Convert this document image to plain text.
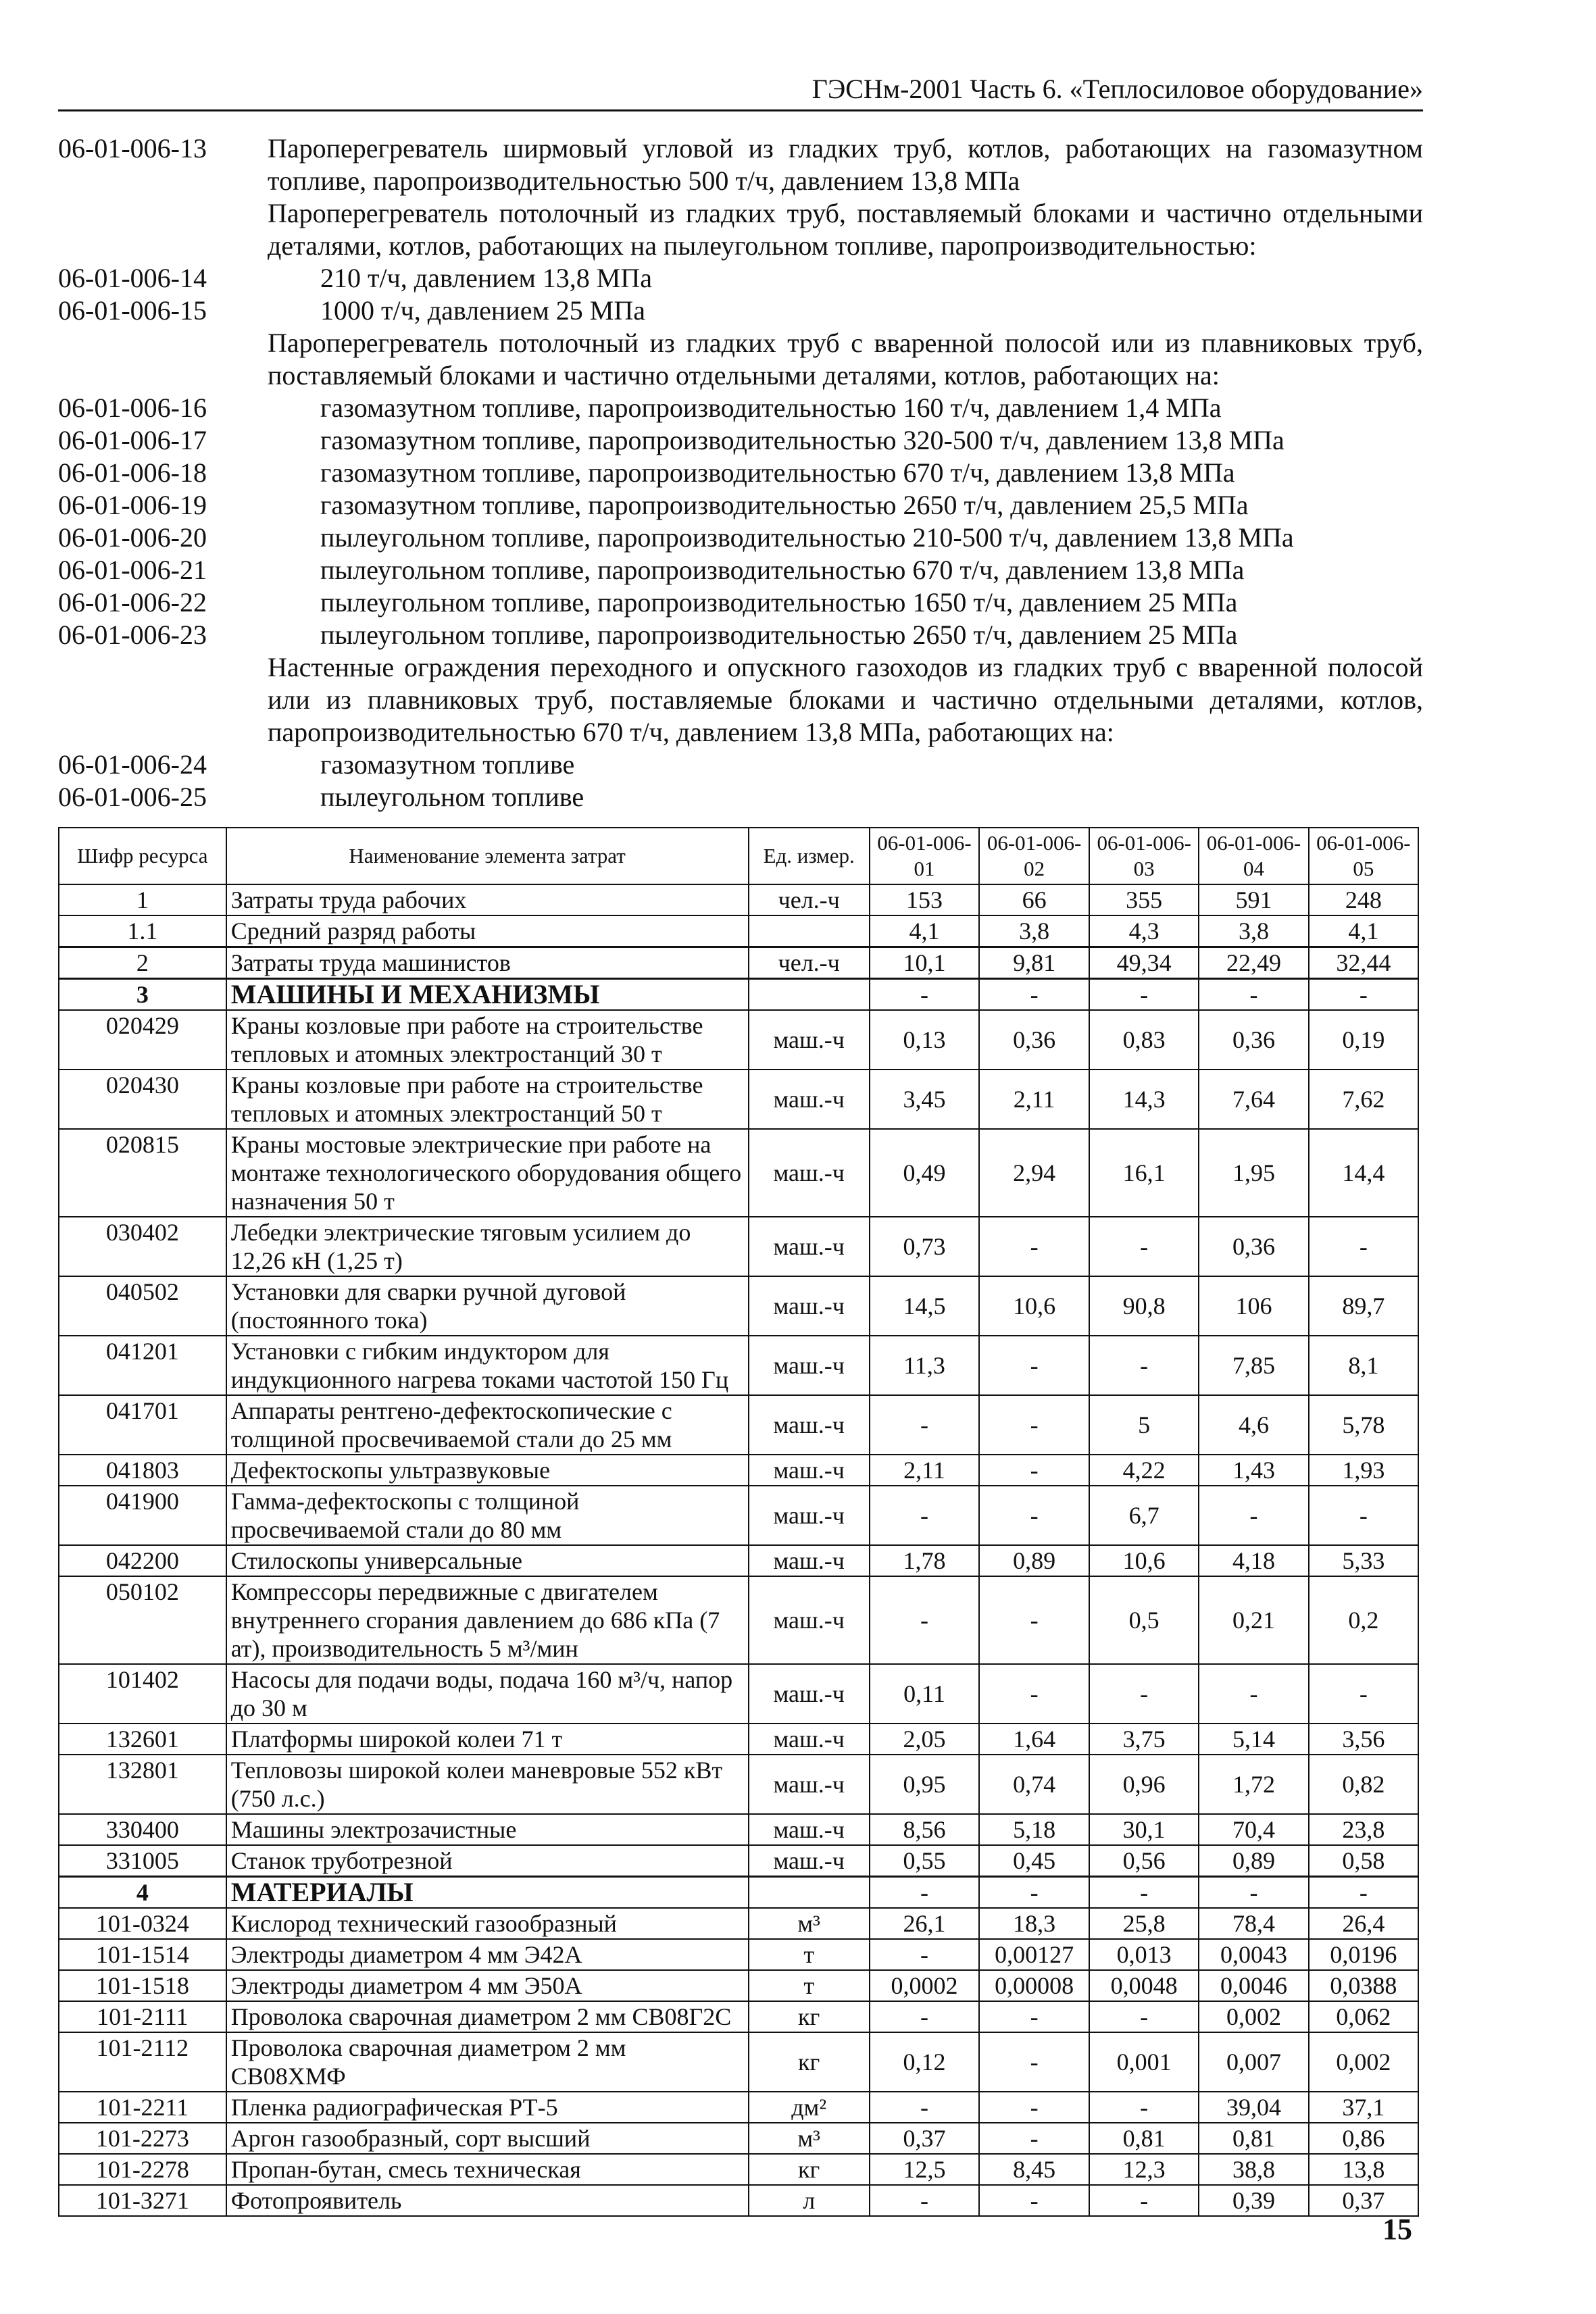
ГЭСНм-2001 Часть 6. «Теплосиловое оборудование»
06-01-006-13	Пароперегреватель ширмовый угловой из гладких труб, котлов, работающих на газомазутном топливе, паропроизводительностью 500 т/ч, давлением 13,8 МПа
Пароперегреватель потолочный из гладких труб, поставляемый блоками и частично отдельными деталями, котлов, работающих на пылеугольном топливе, паропроизводительностью:
06-01-006-14	210 т/ч, давлением 13,8 МПа
06-01-006-15	1000 т/ч, давлением 25 МПа
Пароперегреватель потолочный из гладких труб с вваренной полосой или из плавниковых труб, поставляемый блоками и частично отдельными деталями, котлов, работающих на:
06-01-006-16	газомазутном топливе, паропроизводительностью 160 т/ч, давлением 1,4 МПа
06-01-006-17	газомазутном топливе, паропроизводительностью 320-500 т/ч, давлением 13,8 МПа
06-01-006-18	газомазутном топливе, паропроизводительностью 670 т/ч, давлением 13,8 МПа
06-01-006-19	газомазутном топливе, паропроизводительностью 2650 т/ч, давлением 25,5 МПа
06-01-006-20	пылеугольном топливе, паропроизводительностью 210-500 т/ч, давлением 13,8 МПа
06-01-006-21	пылеугольном топливе, паропроизводительностью 670 т/ч, давлением 13,8 МПа
06-01-006-22	пылеугольном топливе, паропроизводительностью 1650 т/ч, давлением 25 МПа
06-01-006-23	пылеугольном топливе, паропроизводительностью 2650 т/ч, давлением 25 МПа
Настенные ограждения переходного и опускного газоходов из гладких труб с вваренной полосой или из плавниковых труб, поставляемые блоками и частично отдельными деталями, котлов, паропроизводительностью 670 т/ч, давлением 13,8 МПа, работающих на:
06-01-006-24	газомазутном топливе
06-01-006-25	пылеугольном топливе
Шифр ресурса	Наименование элемента затрат	Ед. измер.	06-01-006-01	06-01-006-02	06-01-006-03	06-01-006-04	06-01-006-05
1	Затраты труда рабочих	чел.-ч	153	66	355	591	248
1.1	Средний разряд работы		4,1	3,8	4,3	3,8	4,1
2	Затраты труда машинистов	чел.-ч	10,1	9,81	49,34	22,49	32,44
3	МАШИНЫ И МЕХАНИЗМЫ		-	-	-	-	-
020429	Краны козловые при работе на строительстве тепловых и атомных электростанций 30 т	маш.-ч	0,13	0,36	0,83	0,36	0,19
020430	Краны козловые при работе на строительстве тепловых и атомных электростанций 50 т	маш.-ч	3,45	2,11	14,3	7,64	7,62
020815	Краны мостовые электрические при работе на монтаже технологического оборудования общего назначения 50 т	маш.-ч	0,49	2,94	16,1	1,95	14,4
030402	Лебедки электрические тяговым усилием до 12,26 кН (1,25 т)	маш.-ч	0,73	-	-	0,36	-
040502	Установки для сварки ручной дуговой (постоянного тока)	маш.-ч	14,5	10,6	90,8	106	89,7
041201	Установки с гибким индуктором для индукционного нагрева токами частотой 150 Гц	маш.-ч	11,3	-	-	7,85	8,1
041701	Аппараты рентгено-дефектоскопические с толщиной просвечиваемой стали до 25 мм	маш.-ч	-	-	5	4,6	5,78
041803	Дефектоскопы ультразвуковые	маш.-ч	2,11	-	4,22	1,43	1,93
041900	Гамма-дефектоскопы с толщиной просвечиваемой стали до 80 мм	маш.-ч	-	-	6,7	-	-
042200	Стилоскопы универсальные	маш.-ч	1,78	0,89	10,6	4,18	5,33
050102	Компрессоры передвижные с двигателем внутреннего сгорания давлением до 686 кПа (7 ат), производительность 5 м³/мин	маш.-ч	-	-	0,5	0,21	0,2
101402	Насосы для подачи воды, подача 160 м³/ч, напор до 30 м	маш.-ч	0,11	-	-	-	-
132601	Платформы широкой колеи 71 т	маш.-ч	2,05	1,64	3,75	5,14	3,56
132801	Тепловозы широкой колеи маневровые 552 кВт (750 л.с.)	маш.-ч	0,95	0,74	0,96	1,72	0,82
330400	Машины электрозачистные	маш.-ч	8,56	5,18	30,1	70,4	23,8
331005	Станок труботрезной	маш.-ч	0,55	0,45	0,56	0,89	0,58
4	МАТЕРИАЛЫ		-	-	-	-	-
101-0324	Кислород технический газообразный	м³	26,1	18,3	25,8	78,4	26,4
101-1514	Электроды диаметром 4 мм Э42А	т	-	0,00127	0,013	0,0043	0,0196
101-1518	Электроды диаметром 4 мм Э50А	т	0,0002	0,00008	0,0048	0,0046	0,0388
101-2111	Проволока сварочная диаметром 2 мм СВ08Г2С	кг	-	-	-	0,002	0,062
101-2112	Проволока сварочная диаметром 2 мм СВ08ХМФ	кг	0,12	-	0,001	0,007	0,002
101-2211	Пленка радиографическая РТ-5	дм²	-	-	-	39,04	37,1
101-2273	Аргон газообразный, сорт высший	м³	0,37	-	0,81	0,81	0,86
101-2278	Пропан-бутан, смесь техническая	кг	12,5	8,45	12,3	38,8	13,8
101-3271	Фотопроявитель	л	-	-	-	0,39	0,37
15
